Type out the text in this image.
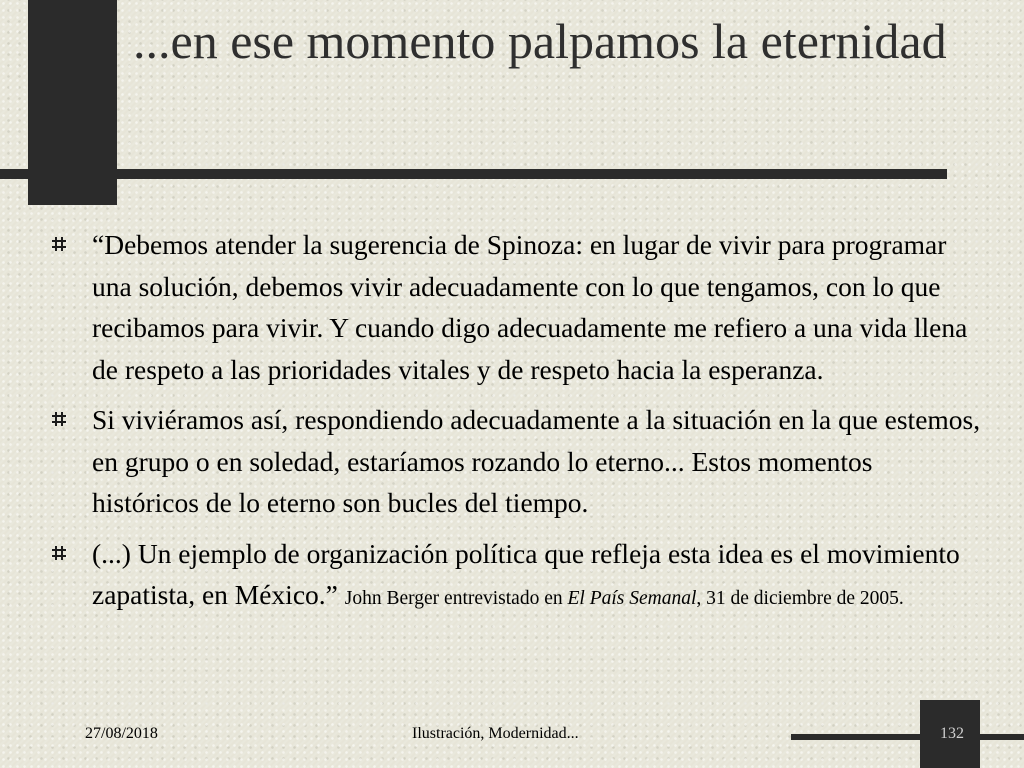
...en ese momento palpamos la eternidad
“Debemos atender la sugerencia de Spinoza: en lugar de vivir para programar una solución, debemos vivir adecuadamente con lo que tengamos, con lo que recibamos para vivir. Y cuando digo adecuadamente me refiero a una vida llena de respeto a las prioridades vitales y de respeto hacia la esperanza.
Si viviéramos así, respondiendo adecuadamente a la situación en la que estemos, en grupo o en soledad, estaríamos rozando lo eterno... Estos momentos históricos de lo eterno son bucles del tiempo.
(...) Un ejemplo de organización política que refleja esta idea es el movimiento zapatista, en México.” John Berger entrevistado en El País Semanal, 31 de diciembre de 2005.
27/08/2018	Ilustración, Modernidad...	132
